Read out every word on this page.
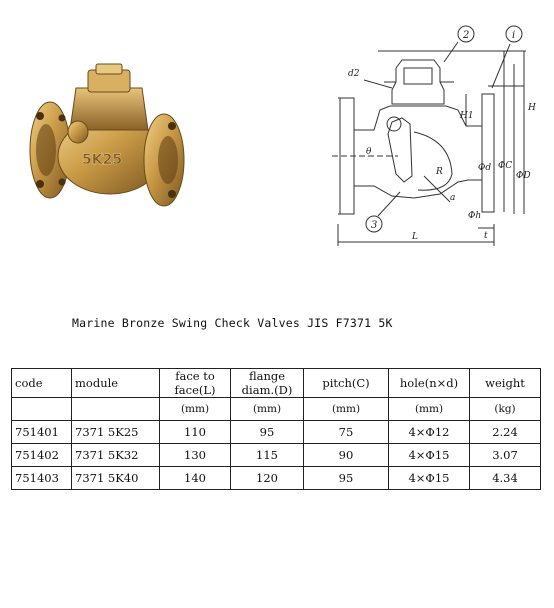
5K25
2	i
3
d2
H1
H
θ
ΦC
ΦD
Φd
R
a
Φh
t
L
Marine Bronze Swing Check Valves JIS F7371 5K
code	module	face to face(L)	flange diam.(D)	pitch(C)	hole(n×d)	weight
		(mm)	(mm)	(mm)	(mm)	(kg)
751401	7371 5K25	110	95	75	4×Φ12	2.24
751402	7371 5K32	130	115	90	4×Φ15	3.07
751403	7371 5K40	140	120	95	4×Φ15	4.34
